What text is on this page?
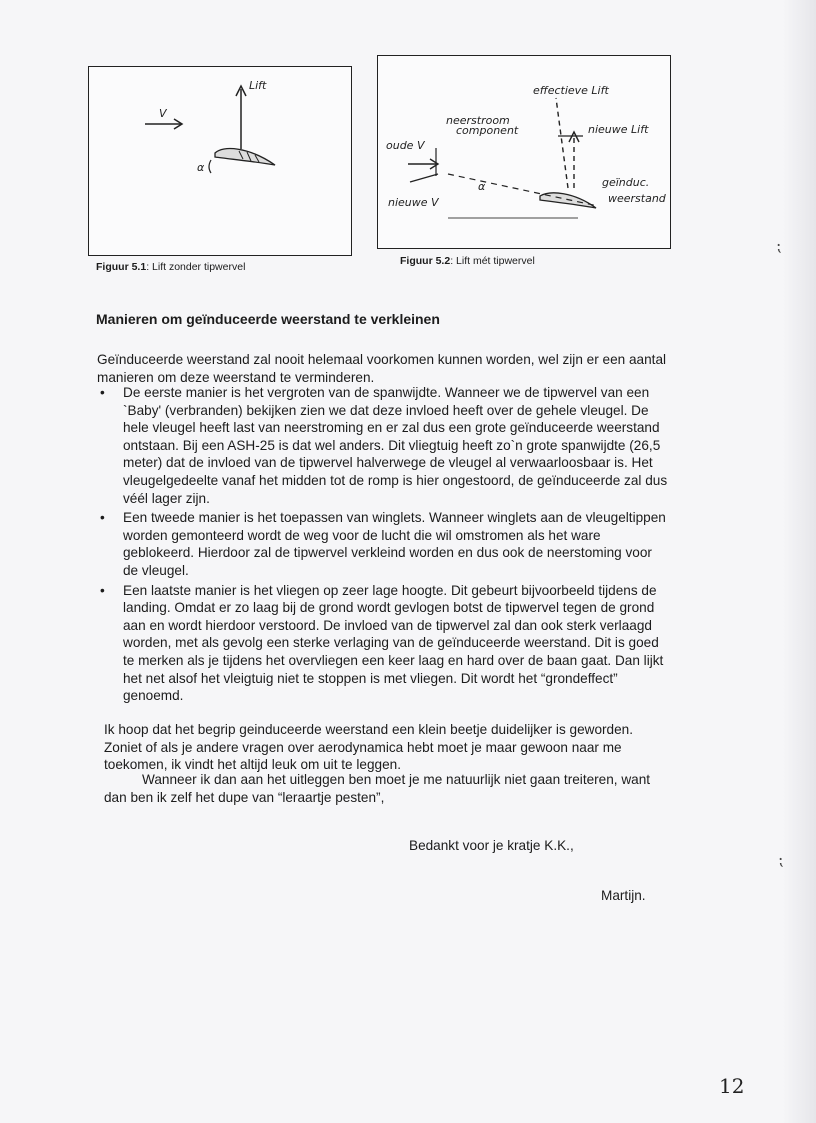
Lift
V
α
Figuur 5.1: Lift zonder tipwervel
effectieve Lift
neerstroom
component	nieuwe Lift
oude V
nieuwe V
α	geïnduc.
weerstand
Figuur 5.2: Lift mét tipwervel
Manieren om geïnduceerde weerstand te verkleinen
Geïnduceerde weerstand zal nooit helemaal voorkomen kunnen worden, wel zijn er een aantal manieren om deze weerstand te verminderen.
• De eerste manier is het vergroten van de spanwijdte. Wanneer we de tipwervel van een `Baby' (verbranden) bekijken zien we dat deze invloed heeft over de gehele vleugel. De hele vleugel heeft last van neerstroming en er zal dus een grote geïnduceerde weerstand ontstaan. Bij een ASH-25 is dat wel anders. Dit vliegtuig heeft zo`n grote spanwijdte (26,5 meter) dat de invloed van de tipwervel halverwege de vleugel al verwaarloosbaar is. Het vleugelgedeelte vanaf het midden tot de romp is hier ongestoord, de geïnduceerde zal dus véél lager zijn.
• Een tweede manier is het toepassen van winglets. Wanneer winglets aan de vleugeltippen worden gemonteerd wordt de weg voor de lucht die wil omstromen als het ware geblokeerd. Hierdoor zal de tipwervel verkleind worden en dus ook de neerstoming voor de vleugel.
• Een laatste manier is het vliegen op zeer lage hoogte. Dit gebeurt bijvoorbeeld tijdens de landing. Omdat er zo laag bij de grond wordt gevlogen botst de tipwervel tegen de grond aan en wordt hierdoor verstoord. De invloed van de tipwervel zal dan ook sterk verlaagd worden, met als gevolg een sterke verlaging van de geïnduceerde weerstand. Dit is goed te merken als je tijdens het overvliegen een keer laag en hard over de baan gaat. Dan lijkt het net alsof het vleigtuig niet te stoppen is met vliegen. Dit wordt het “grondeffect” genoemd.
Ik hoop dat het begrip geinduceerde weerstand een klein beetje duidelijker is geworden. Zoniet of als je andere vragen over aerodynamica hebt moet je maar gewoon naar me toekomen, ik vindt het altijd leuk om uit te leggen.
Wanneer ik dan aan het uitleggen ben moet je me natuurlijk niet gaan treiteren, want dan ben ik zelf het dupe van “leraartje pesten”,
Bedankt voor je kratje K.K.,
Martijn.
12
⁏
⁏
